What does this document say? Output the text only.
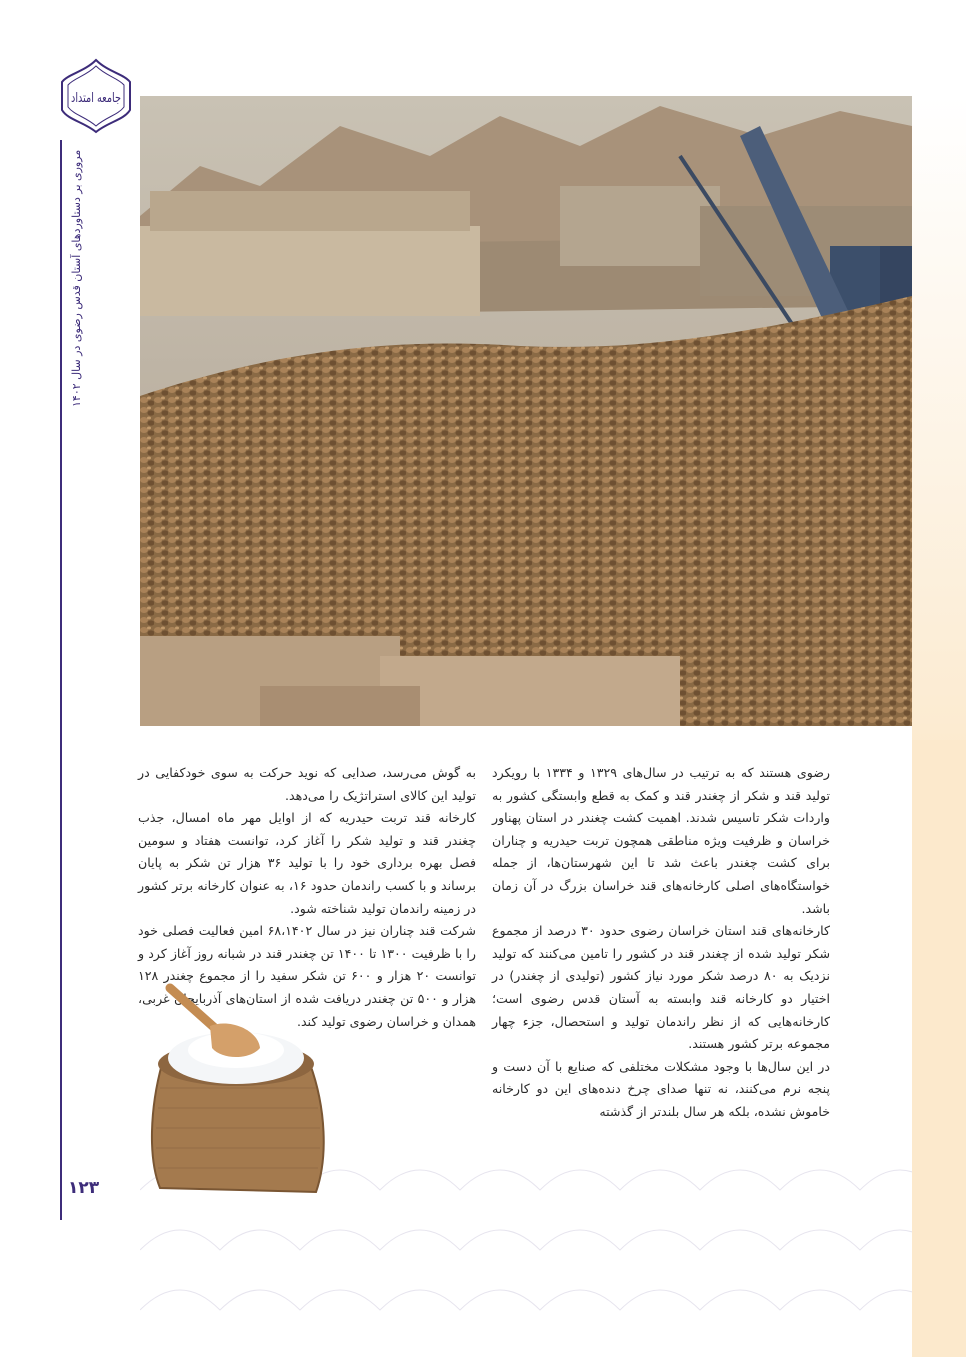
جامعه امتداد
مروری بر دستاوردهای آستان قدس رضوی در سال ۱۴۰۲

رضوی هستند که به ترتیب در سال‌های ۱۳۲۹ و ۱۳۳۴ با رویکرد تولید قند و شکر از چغندر قند و کمک به قطع وابستگی کشور به واردات شکر تاسیس شدند. اهمیت کشت چغندر در استان پهناور خراسان و ظرفیت ویژه مناطقی همچون تربت حیدریه و چناران برای کشت چغندر باعث شد تا این شهرستان‌ها، از جمله خواستگاه‌های اصلی کارخانه‌های قند خراسان بزرگ در آن زمان باشد.

کارخانه‌های قند استان خراسان رضوی حدود ۳۰ درصد از مجموع شکر تولید شده از چغندر قند در کشور را تامین می‌کنند که تولید نزدیک به ۸۰ درصد شکر مورد نیاز کشور (تولیدی از چغندر) در اختیار دو کارخانه قند وابسته به آستان قدس رضوی است؛ کارخانه‌هایی که از نظر راندمان تولید و استحصال، جزء چهار مجموعه برتر کشور هستند.

در این سال‌ها با وجود مشکلات مختلفی که صنایع با آن دست و پنجه نرم می‌کنند، نه تنها صدای چرخ دنده‌های این دو کارخانه خاموش نشده، بلکه هر سال بلندتر از گذشته

به گوش می‌رسد، صدایی که نوید حرکت به سوی خودکفایی در تولید این کالای استراتژیک را می‌دهد.

کارخانه قند تربت حیدریه که از اوایل مهر ماه امسال، جذب چغندر قند و تولید شکر را آغاز کرد، توانست هفتاد و سومین فصل بهره برداری خود را با تولید ۳۶ هزار تن شکر به پایان برساند و با کسب راندمان حدود ۱۶، به عنوان کارخانه برتر کشور در زمینه راندمان تولید شناخته شود.

شرکت قند چناران نیز در سال ۶۸،۱۴۰۲ امین فعالیت فصلی خود را با ظرفیت ۱۳۰۰ تا ۱۴۰۰ تن چغندر قند در شبانه روز آغاز کرد و توانست ۲۰ هزار و ۶۰۰ تن شکر سفید را از مجموع چغندر ۱۲۸ هزار و ۵۰۰ تن چغندر دریافت شده از استان‌های آذربایجان غربی، همدان و خراسان رضوی تولید کند.

۱۲۳
